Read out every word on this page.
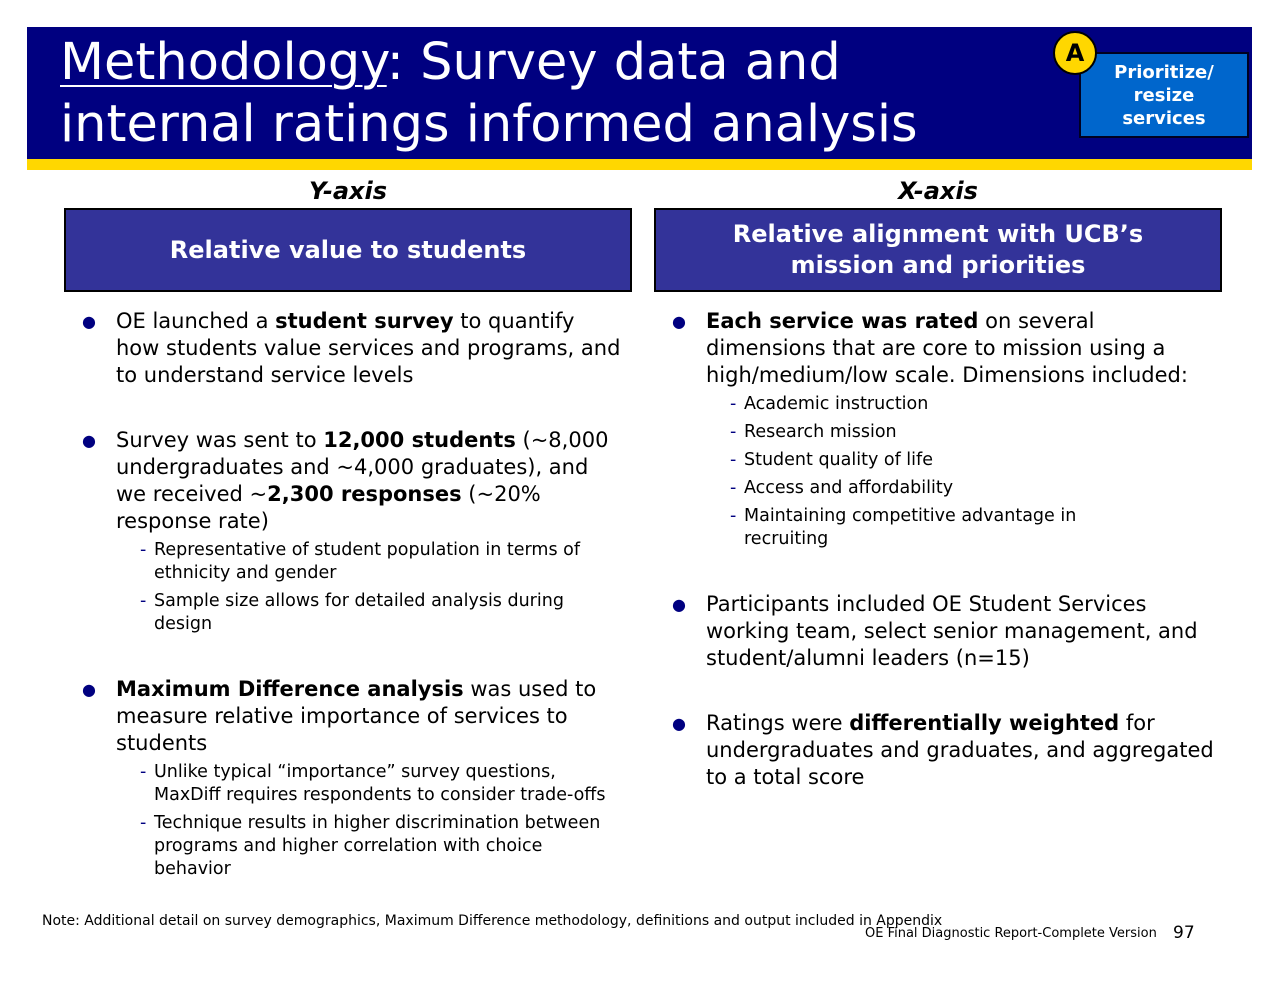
Methodology: Survey data and
internal ratings informed analysis
Prioritize/
resize
services
A
Y-axis
Relative value to students
● OE launched a student survey to quantify how students value services and programs, and to understand service levels
● Survey was sent to 12,000 students (~8,000 undergraduates and ~4,000 graduates), and we received ~2,300 responses (~20% response rate)
- Representative of student population in terms of ethnicity and gender
- Sample size allows for detailed analysis during design
● Maximum Difference analysis was used to measure relative importance of services to students
- Unlike typical “importance” survey questions, MaxDiff requires respondents to consider trade-offs
- Technique results in higher discrimination between programs and higher correlation with choice behavior
X-axis
Relative alignment with UCB’s mission and priorities
● Each service was rated on several dimensions that are core to mission using a high/medium/low scale. Dimensions included:
- Academic instruction
- Research mission
- Student quality of life
- Access and affordability
- Maintaining competitive advantage in recruiting
● Participants included OE Student Services working team, select senior management, and student/alumni leaders (n=15)
● Ratings were differentially weighted for undergraduates and graduates, and aggregated to a total score
Note: Additional detail on survey demographics, Maximum Difference methodology, definitions and output included in Appendix
OE Final Diagnostic Report-Complete Version 97
